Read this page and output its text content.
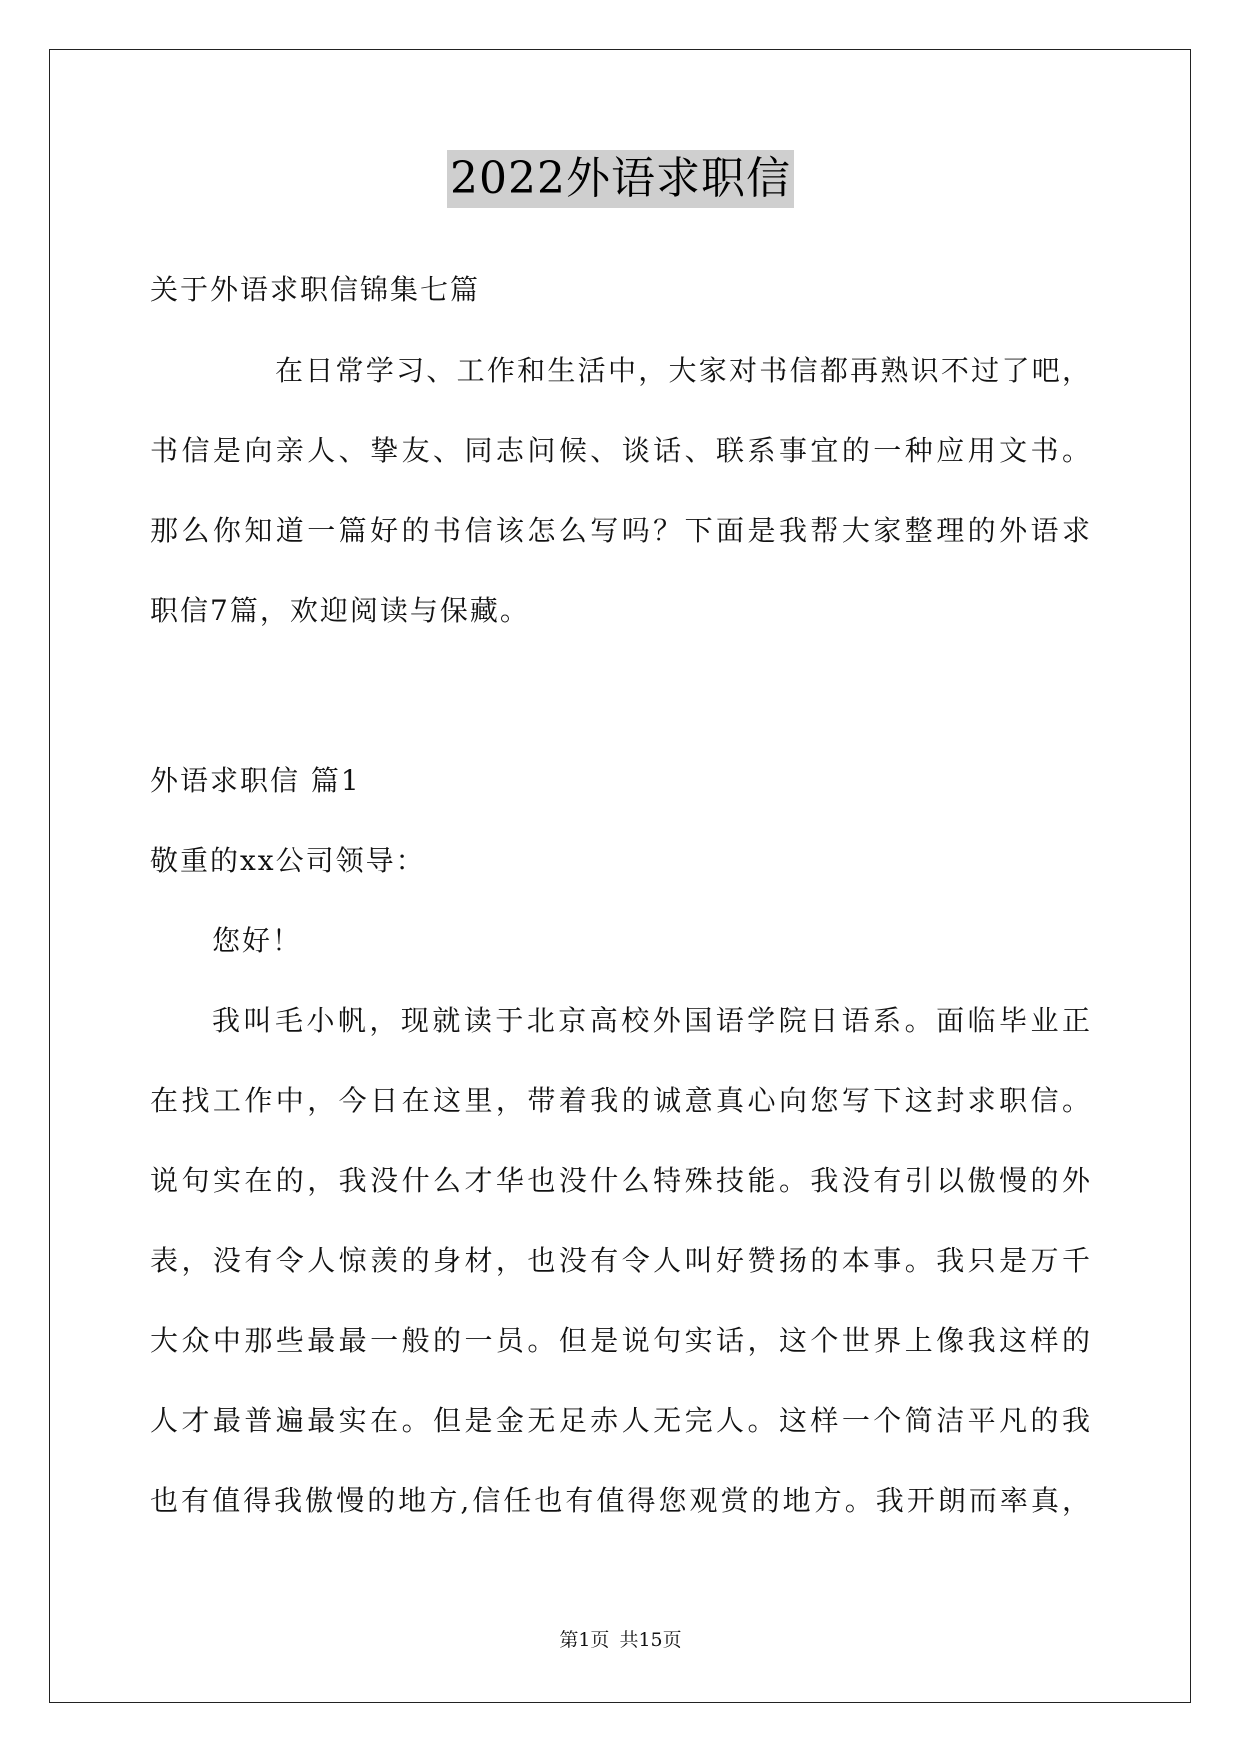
2022外语求职信
关于外语求职信锦集七篇
在日常学习、工作和生活中，大家对书信都再熟识不过了吧，
书信是向亲人、挚友、同志问候、谈话、联系事宜的一种应用文书。
那么你知道一篇好的书信该怎么写吗？下面是我帮大家整理的外语求
职信7篇，欢迎阅读与保藏。
外语求职信 篇1
敬重的xx公司领导：
您好！
我叫毛小帆，现就读于北京高校外国语学院日语系。面临毕业正
在找工作中，今日在这里，带着我的诚意真心向您写下这封求职信。
说句实在的，我没什么才华也没什么特殊技能。我没有引以傲慢的外
表，没有令人惊羡的身材，也没有令人叫好赞扬的本事。我只是万千
大众中那些最最一般的一员。但是说句实话，这个世界上像我这样的
人才最普遍最实在。但是金无足赤人无完人。这样一个简洁平凡的我
也有值得我傲慢的地方,信任也有值得您观赏的地方。我开朗而率真，
第1页 共15页
